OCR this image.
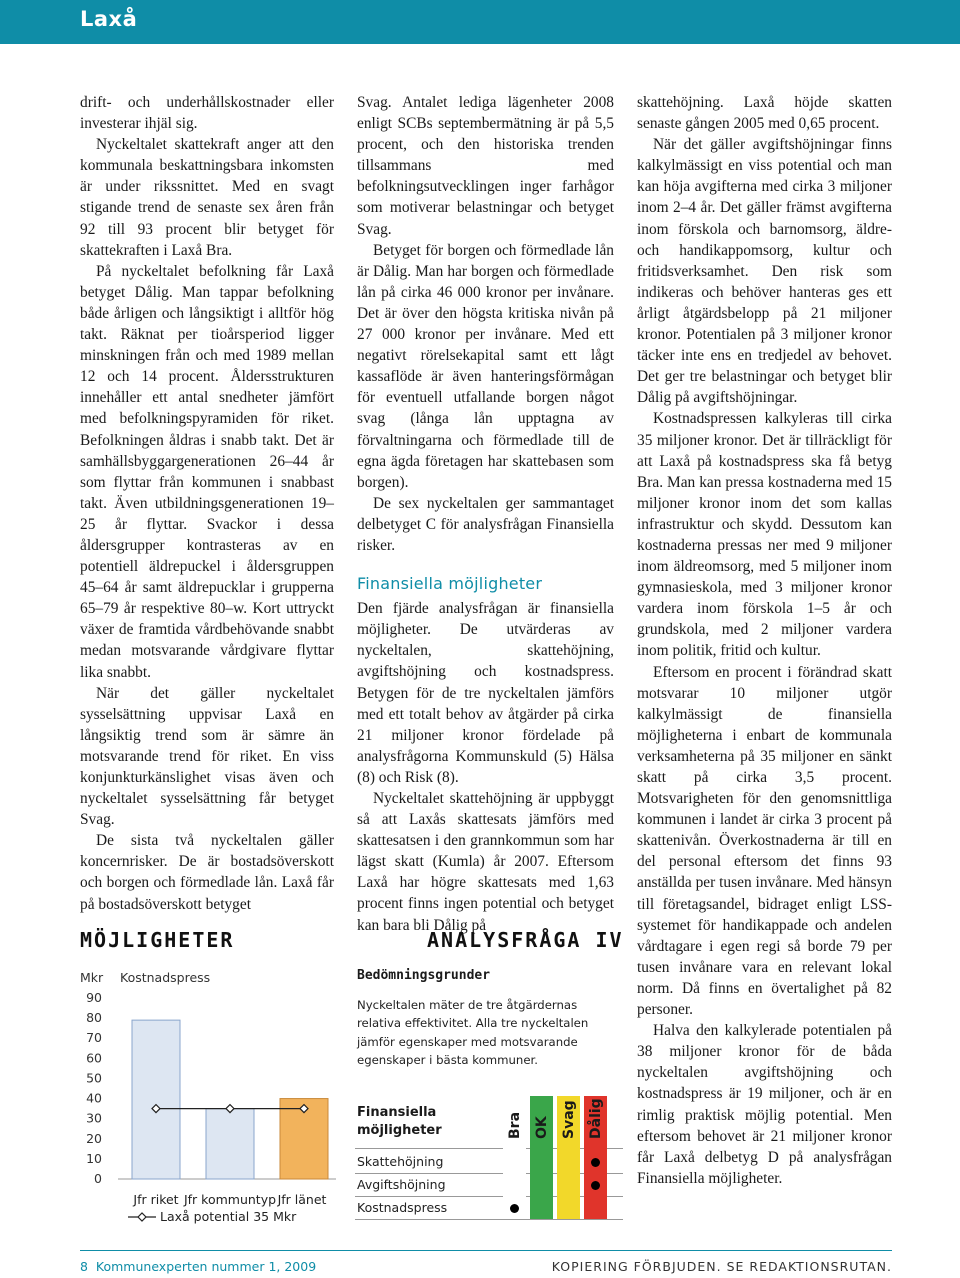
Laxå

drift- och underhållskostnader eller investerar ihjäl sig.

Nyckeltalet skattekraft anger att den kommunala beskattningsbara inkomsten är under rikssnittet. Med en svagt stigande trend de senaste sex åren från 92 till 93 procent blir betyget för skattekraften i Laxå Bra.

På nyckeltalet befolkning får Laxå betyget Dålig. Man tappar befolkning både årligen och långsiktigt i alltför hög takt. Räknat per tioårsperiod ligger minskningen från och med 1989 mellan 12 och 14 procent. Åldersstrukturen innehåller ett antal snedheter jämfört med befolkningspyramiden för riket. Befolkningen åldras i snabb takt. Det är samhällsbyggargenerationen 26–44 år som flyttar från kommunen i snabbast takt. Även utbildningsgenerationen 19–25 år flyttar. Svackor i dessa åldersgrupper kontrasteras av en potentiell äldrepuckel i åldersgruppen 45–64 år samt äldrepucklar i grupperna 65–79 år respektive 80–w. Kort uttryckt växer de framtida vårdbehövande snabbt medan motsvarande vårdgivare flyttar lika snabbt.

När det gäller nyckeltalet sysselsättning uppvisar Laxå en långsiktig trend som är sämre än motsvarande trend för riket. En viss konjunkturkänslighet visas även och nyckeltalet sysselsättning får betyget Svag.

De sista två nyckeltalen gäller koncernrisker. De är bostadsöverskott och borgen och förmedlade lån. Laxå får på bostadsöverskott betyget

Svag. Antalet lediga lägenheter 2008 enligt SCBs septembermätning är på 5,5 procent, och den historiska trenden tillsammans med befolkningsutvecklingen inger farhågor som motiverar belastningar och betyget Svag.

Betyget för borgen och förmedlade lån är Dålig. Man har borgen och förmedlade lån på cirka 46 000 kronor per invånare. Det är över den högsta kritiska nivån på 27 000 kronor per invånare. Med ett negativt rörelsekapital samt ett lågt kassaflöde är även hanteringsförmågan för eventuell utfallande borgen något svag (långa lån upptagna av förvaltningarna och förmedlade till de egna ägda företagen har skattebasen som borgen).

De sex nyckeltalen ger sammantaget delbetyget C för analysfrågan Finansiella risker.

Finansiella möjligheter

Den fjärde analysfrågan är finansiella möjligheter. De utvärderas av nyckeltalen, skattehöjning, avgiftshöjning och kostnadspress. Betygen för de tre nyckeltalen jämförs med ett totalt behov av åtgärder på cirka 21 miljoner kronor fördelade på analysfrågorna Kommunskuld (5) Hälsa (8) och Risk (8).

Nyckeltalet skattehöjning är uppbyggt så att Laxås skattesats jämförs med skattesatsen i den grannkommun som har lägst skatt (Kumla) år 2007. Eftersom Laxå har högre skattesats med 1,63 procent finns ingen potential och betyget kan bara bli Dålig på

skattehöjning. Laxå höjde skatten senaste gången 2005 med 0,65 procent.

När det gäller avgiftshöjningar finns kalkylmässigt en viss potential och man kan höja avgifterna med cirka 3 miljoner inom 2–4 år. Det gäller främst avgifterna inom förskola och barnomsorg, äldre- och handikappomsorg, kultur och fritidsverksamhet. Den risk som indikeras och behöver hanteras ges ett årligt åtgärdsbelopp på 21 miljoner kronor. Potentialen på 3 miljoner kronor täcker inte ens en tredjedel av behovet. Det ger tre belastningar och betyget blir Dålig på avgiftshöjningar.

Kostnadspressen kalkyleras till cirka 35 miljoner kronor. Det är tillräckligt för att Laxå på kostnadspress ska få betyg Bra. Man kan pressa kostnaderna med 15 miljoner kronor inom det som kallas infrastruktur och skydd. Dessutom kan kostnaderna pressas ner med 9 miljoner inom äldreomsorg, med 5 miljoner inom gymnasieskola, med 3 miljoner kronor vardera inom förskola 1–5 år och grundskola, med 2 miljoner vardera inom politik, fritid och kultur.

Eftersom en procent i förändrad skatt motsvarar 10 miljoner utgör kalkylmässigt de finansiella möjligheterna i enbart de kommunala verksamheterna på 35 miljoner en sänkt skatt på cirka 3,5 procent. Motsvarigheten för den genomsnittliga kommunen i landet är cirka 3 procent på skattenivån. Överkostnaderna är till en del personal eftersom det finns 93 anställda per tusen invånare. Med hänsyn till företagsandel, bidraget enligt LSS-systemet för handikappade och andelen vårdtagare i egen regi så borde 79 per tusen invånare vara en relevant lokal norm. Då finns en övertalighet på 82 personer.

Halva den kalkylerade potentialen på 38 miljoner kronor för de båda nyckeltalen avgiftshöjning och kostnadspress är 19 miljoner, och är en rimlig praktisk möjlig potential. Men eftersom behovet är 21 miljoner kronor får Laxå delbetyg D på analysfrågan Finansiella möjligheter.

MÖJLIGHETER	ANALYSFRÅGA IV
Mkr Kostnadspress
90
80
70
60
50
40
30
20
10
0
Jfr riket Jfr kommuntyp Jfr länet
Laxå potential 35 Mkr
Bedömningsgrunder
Nyckeltalen mäter de tre åtgärdernas relativa effektivitet. Alla tre nyckeltalen jämför egenskaper med motsvarande egenskaper i bästa kommuner.
Finansiella möjligheter
Skattehöjning
Avgiftshöjning
Kostnadspress
Bra OK Svag Dålig
8 Kommunexperten nummer 1, 2009	KOPIERING FÖRBJUDEN. SE REDAKTIONSRUTAN.
